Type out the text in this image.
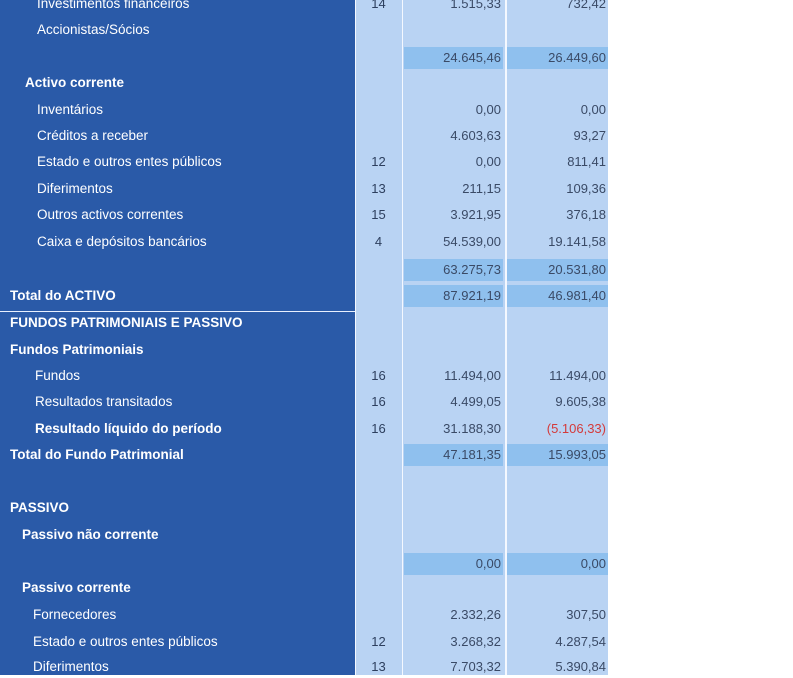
Investimentos financeiros	14	1.515,33	732,42
Accionistas/Sócios
24.645,46	26.449,60
Activo corrente
Inventários	0,00	0,00
Créditos a receber	4.603,63	93,27
Estado e outros entes públicos	12	0,00	811,41
Diferimentos	13	211,15	109,36
Outros activos correntes	15	3.921,95	376,18
Caixa e depósitos bancários	4	54.539,00	19.141,58
63.275,73	20.531,80
Total do ACTIVO	87.921,19	46.981,40
FUNDOS PATRIMONIAIS E PASSIVO
Fundos Patrimoniais
Fundos	16	11.494,00	11.494,00
Resultados transitados	16	4.499,05	9.605,38
Resultado líquido do período	16	31.188,30	(5.106,33)
Total do Fundo Patrimonial	47.181,35	15.993,05
PASSIVO
Passivo não corrente
0,00	0,00
Passivo corrente
Fornecedores	2.332,26	307,50
Estado e outros entes públicos	12	3.268,32	4.287,54
Diferimentos	13	7.703,32	5.390,84
